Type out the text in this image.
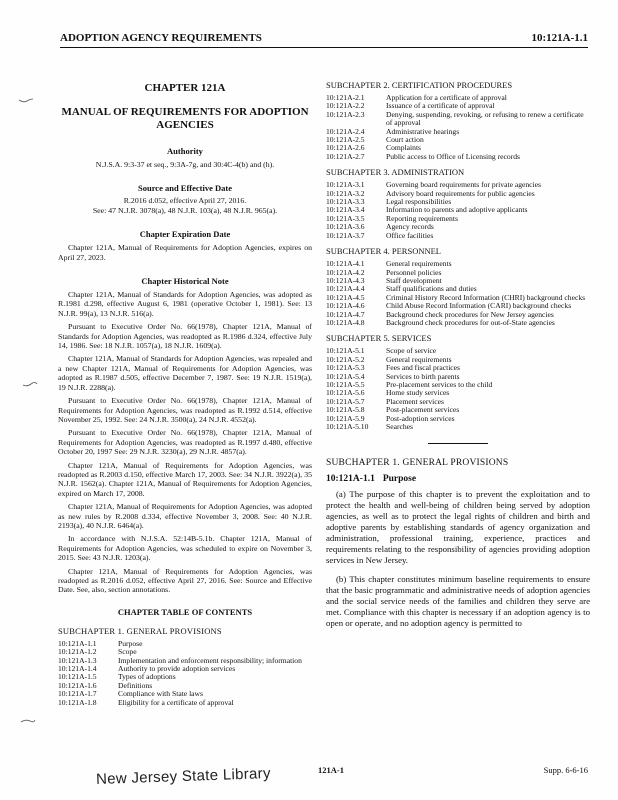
ADOPTION AGENCY REQUIREMENTS	10:121A-1.1
CHAPTER 121A
MANUAL OF REQUIREMENTS FOR ADOPTION AGENCIES
Authority
N.J.S.A. 9:3-37 et seq., 9:3A-7g, and 30:4C-4(b) and (h).
Source and Effective Date
R.2016 d.052, effective April 27, 2016.
See: 47 N.J.R. 3078(a), 48 N.J.R. 103(a), 48 N.J.R. 965(a).
Chapter Expiration Date
Chapter 121A, Manual of Requirements for Adoption Agencies, expires on April 27, 2023.
Chapter Historical Note
Chapter 121A, Manual of Standards for Adoption Agencies, was adopted as R.1981 d.298, effective August 6, 1981 (operative October 1, 1981). See: 13 N.J.R. 99(a), 13 N.J.R. 516(a).
Pursuant to Executive Order No. 66(1978), Chapter 121A, Manual of Standards for Adoption Agencies, was readopted as R.1986 d.324, effective July 14, 1986. See: 18 N.J.R. 1057(a), 18 N.J.R. 1609(a).
Chapter 121A, Manual of Standards for Adoption Agencies, was repealed and a new Chapter 121A, Manual of Requirements for Adoption Agencies, was adopted as R.1987 d.505, effective December 7, 1987. See: 19 N.J.R. 1519(a), 19 N.J.R. 2288(a).
Pursuant to Executive Order No. 66(1978), Chapter 121A, Manual of Requirements for Adoption Agencies, was readopted as R.1992 d.514, effective November 25, 1992. See: 24 N.J.R. 3500(a), 24 N.J.R. 4552(a).
Pursuant to Executive Order No. 66(1978), Chapter 121A, Manual of Requirements for Adoption Agencies, was readopted as R.1997 d.480, effective October 20, 1997 See: 29 N.J.R. 3230(a), 29 N.J.R. 4857(a).
Chapter 121A, Manual of Requirements for Adoption Agencies, was readopted as R.2003 d.150, effective March 17, 2003. See: 34 N.J.R. 3922(a), 35 N.J.R. 1562(a). Chapter 121A, Manual of Requirements for Adoption Agencies, expired on March 17, 2008.
Chapter 121A, Manual of Requirements for Adoption Agencies, was adopted as new rules by R.2008 d.334, effective November 3, 2008. See: 40 N.J.R. 2193(a), 40 N.J.R. 6464(a).
In accordance with N.J.S.A. 52:14B-5.1b. Chapter 121A, Manual of Requirements for Adoption Agencies, was scheduled to expire on November 3, 2015. See: 43 N.J.R. 1203(a).
Chapter 121A, Manual of Requirements for Adoption Agencies, was readopted as R.2016 d.052, effective April 27, 2016. See: Source and Effective Date. See, also, section annotations.
CHAPTER TABLE OF CONTENTS
SUBCHAPTER 1. GENERAL PROVISIONS
10:121A-1.1	Purpose
10:121A-1.2	Scope
10:121A-1.3	Implementation and enforcement responsibility; information
10:121A-1.4	Authority to provide adoption services
10:121A-1.5	Types of adoptions
10:121A-1.6	Definitions
10:121A-1.7	Compliance with State laws
10:121A-1.8	Eligibility for a certificate of approval
SUBCHAPTER 2. CERTIFICATION PROCEDURES
10:121A-2.1	Application for a certificate of approval
10:121A-2.2	Issuance of a certificate of approval
10:121A-2.3	Denying, suspending, revoking, or refusing to renew a certificate of approval
10:121A-2.4	Administrative hearings
10:121A-2.5	Court action
10:121A-2.6	Complaints
10:121A-2.7	Public access to Office of Licensing records
SUBCHAPTER 3. ADMINISTRATION
10:121A-3.1	Governing board requirements for private agencies
10:121A-3.2	Advisory board requirements for public agencies
10:121A-3.3	Legal responsibilities
10:121A-3.4	Information to parents and adoptive applicants
10:121A-3.5	Reporting requirements
10:121A-3.6	Agency records
10:121A-3.7	Office facilities
SUBCHAPTER 4. PERSONNEL
10:121A-4.1	General requirements
10:121A-4.2	Personnel policies
10:121A-4.3	Staff development
10:121A-4.4	Staff qualifications and duties
10:121A-4.5	Criminal History Record Information (CHRI) background checks
10:121A-4.6	Child Abuse Record Information (CARI) background checks
10:121A-4.7	Background check procedures for New Jersey agencies
10:121A-4.8	Background check procedures for out-of-State agencies
SUBCHAPTER 5. SERVICES
10:121A-5.1	Scope of service
10:121A-5.2	General requirements
10:121A-5.3	Fees and fiscal practices
10:121A-5.4	Services to birth parents
10:121A-5.5	Pre-placement services to the child
10:121A-5.6	Home study services
10:121A-5.7	Placement services
10:121A-5.8	Post-placement services
10:121A-5.9	Post-adoption services
10:121A-5.10	Searches
SUBCHAPTER 1. GENERAL PROVISIONS
10:121A-1.1 Purpose
(a) The purpose of this chapter is to prevent the exploitation and to protect the health and well-being of children being served by adoption agencies, as well as to protect the legal rights of children and birth and adoptive parents by establishing standards of agency organization and administration, professional training, experience, practices and requirements relating to the responsibility of agencies providing adoption services in New Jersey.
(b) This chapter constitutes minimum baseline requirements to ensure that the basic programmatic and administrative needs of adoption agencies and the social service needs of the families and children they serve are met. Compliance with this chapter is necessary if an adoption agency is to open or operate, and no adoption agency is permitted to
121A-1	Supp. 6-6-16
New Jersey State Library
